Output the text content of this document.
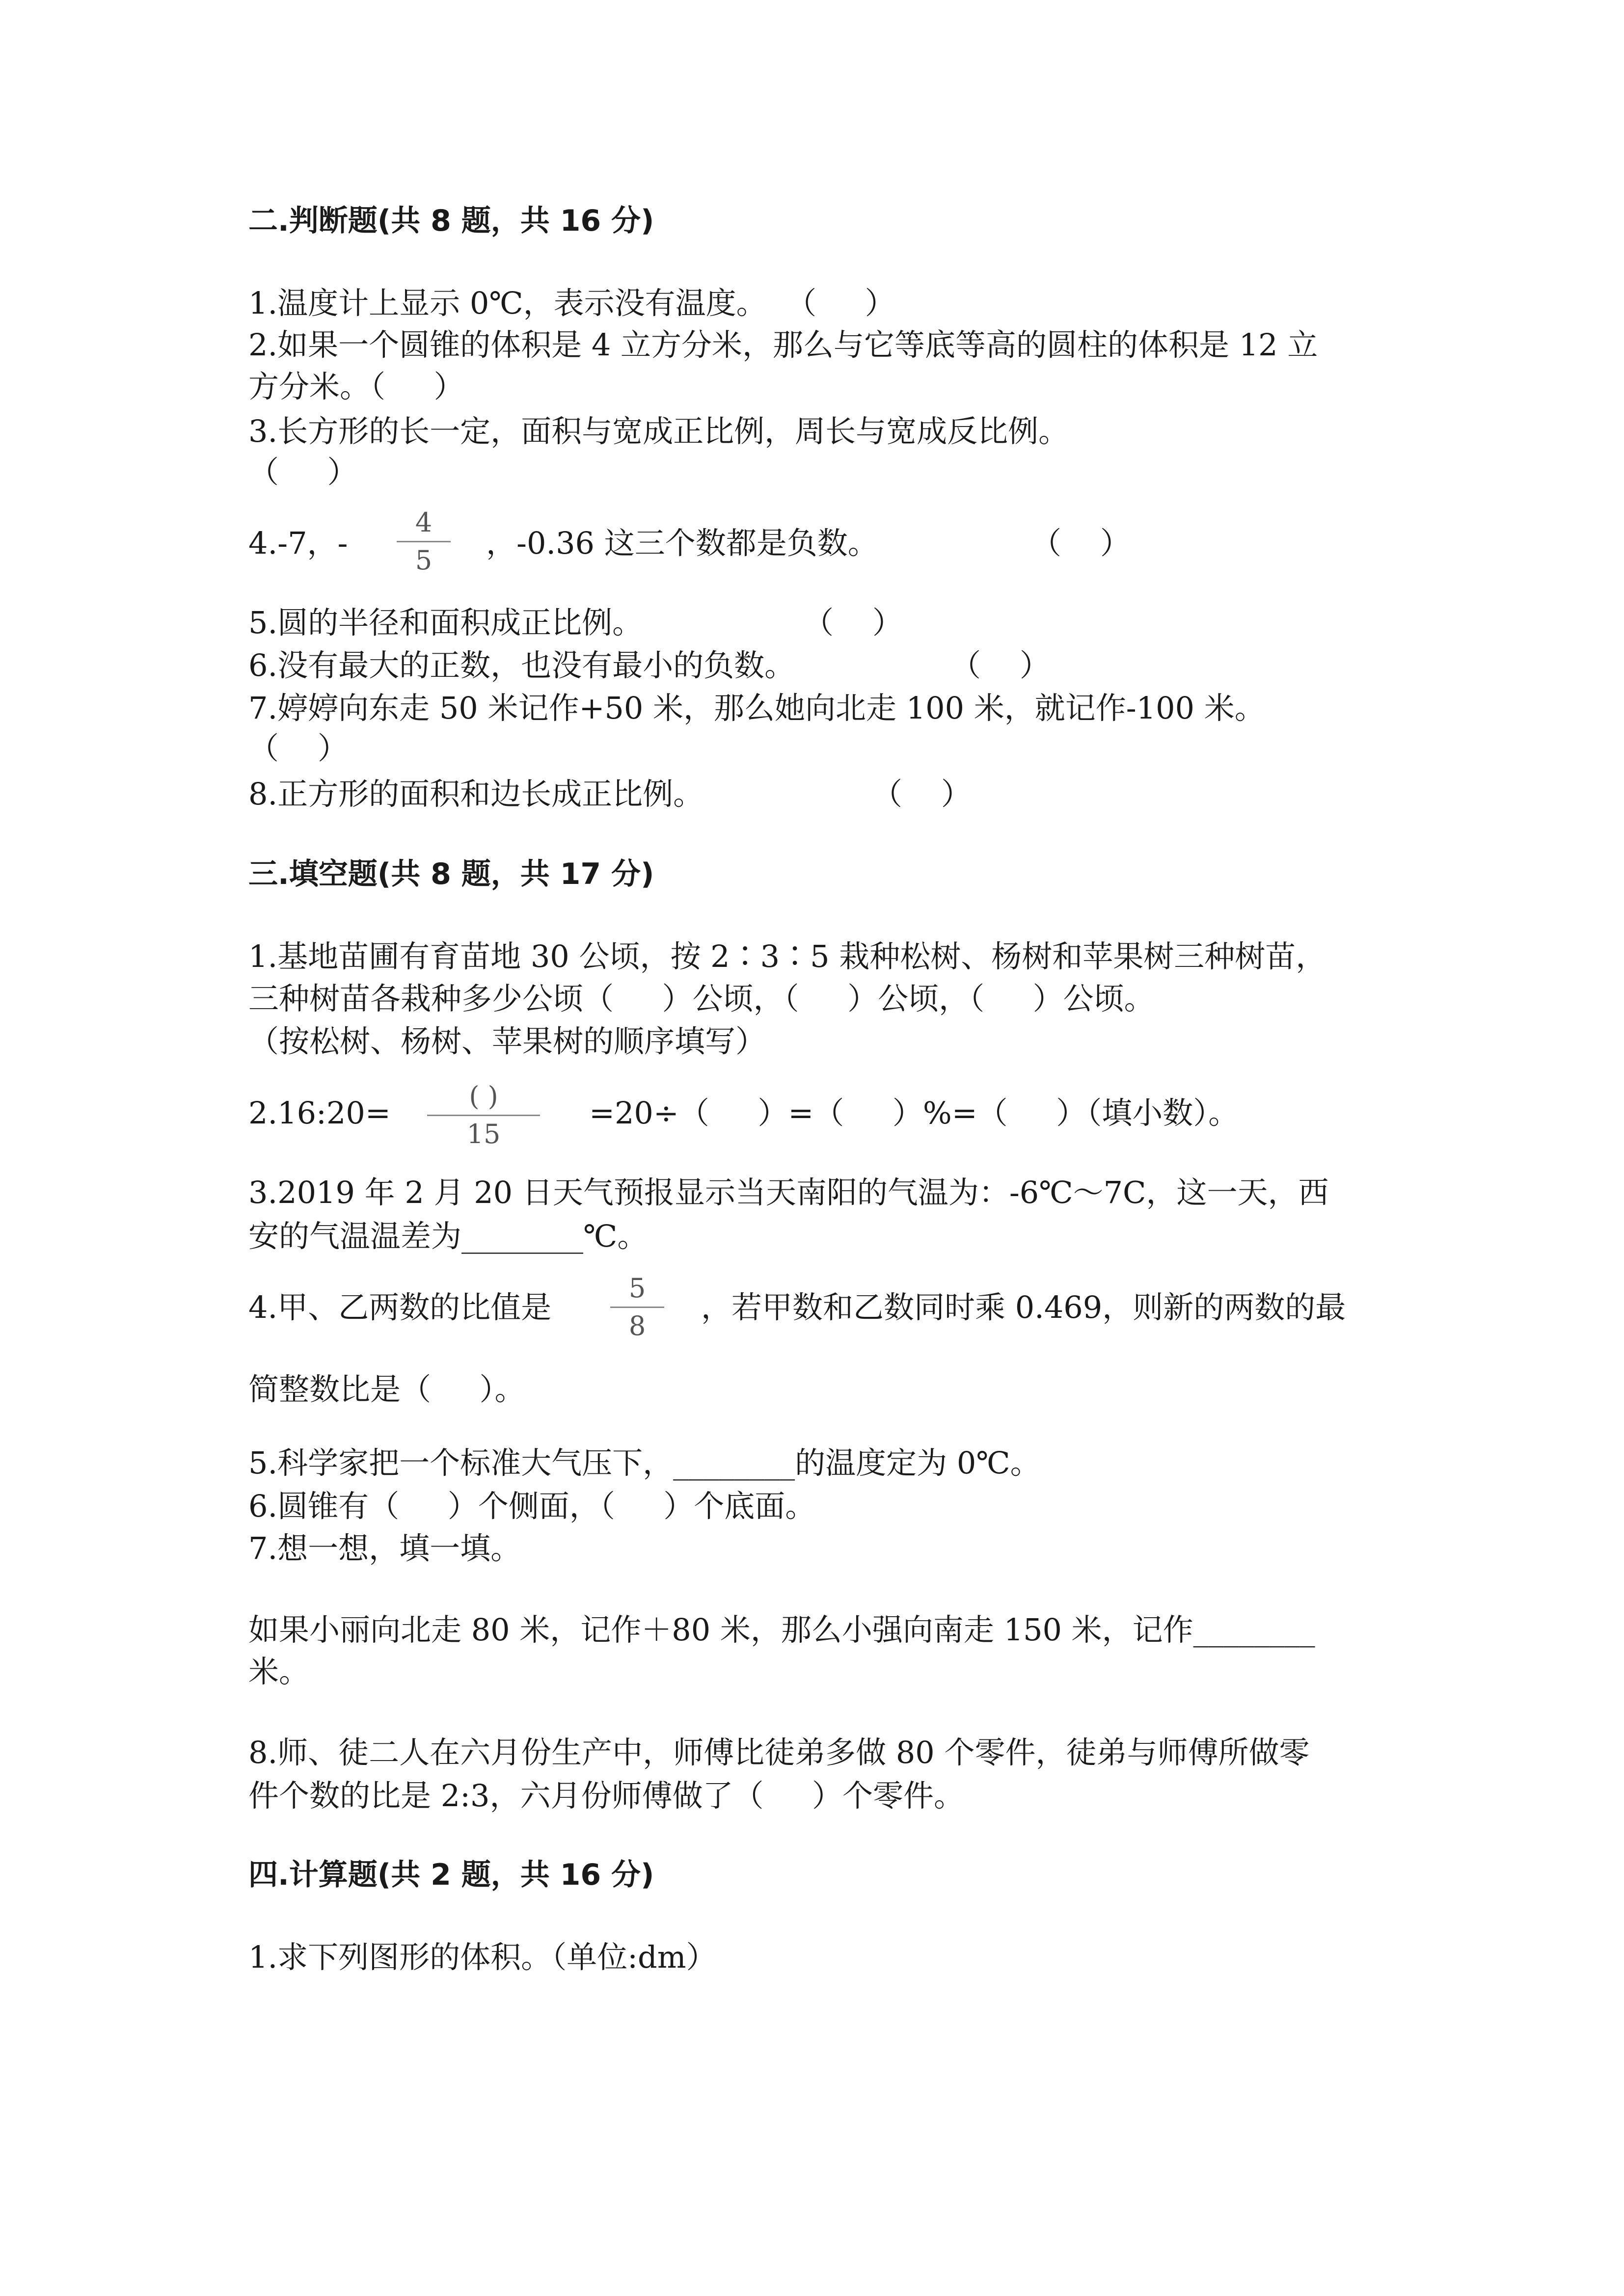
二.判断题(共 8 题，共 16 分)
1.温度计上显示 0℃，表示没有温度。  （     ）
2.如果一个圆锥的体积是 4 立方分米，那么与它等底等高的圆柱的体积是 12 立
方分米。（     ）
3.长方形的长一定，面积与宽成正比例，周长与宽成反比例。
（     ）
4.-7，-
4
5	，-0.36 这三个数都是负数。	（    ）
5.圆的半径和面积成正比例。	（    ）
6.没有最大的正数，也没有最小的负数。	（    ）
7.婷婷向东走 50 米记作+50 米，那么她向北走 100 米，就记作-100 米。
（    ）
8.正方形的面积和边长成正比例。	（    ）
三.填空题(共 8 题，共 17 分)
1.基地苗圃有育苗地 30 公顷，按 2∶3∶5 栽种松树、杨树和苹果树三种树苗，
三种树苗各栽种多少公顷（     ）公顷，（     ）公顷，（     ）公顷。
（按松树、杨树、苹果树的顺序填写）
2.16:20=	( )
15
=20÷（     ）=（     ）%=（     ）（填小数）。
3.2019 年 2 月 20 日天气预报显示当天南阳的气温为：-6℃～7C，这一天，西
安的气温温差为________℃。
4.甲、乙两数的比值是
5
8
，若甲数和乙数同时乘 0.469，则新的两数的最
简整数比是（     ）。
5.科学家把一个标准大气压下，________的温度定为 0℃。
6.圆锥有（     ）个侧面，（     ）个底面。
7.想一想，填一填。
如果小丽向北走 80 米，记作＋80 米，那么小强向南走 150 米，记作________
米。
8.师、徒二人在六月份生产中，师傅比徒弟多做 80 个零件，徒弟与师傅所做零
件个数的比是 2:3，六月份师傅做了（     ）个零件。
四.计算题(共 2 题，共 16 分)
1.求下列图形的体积。（单位:dm）
